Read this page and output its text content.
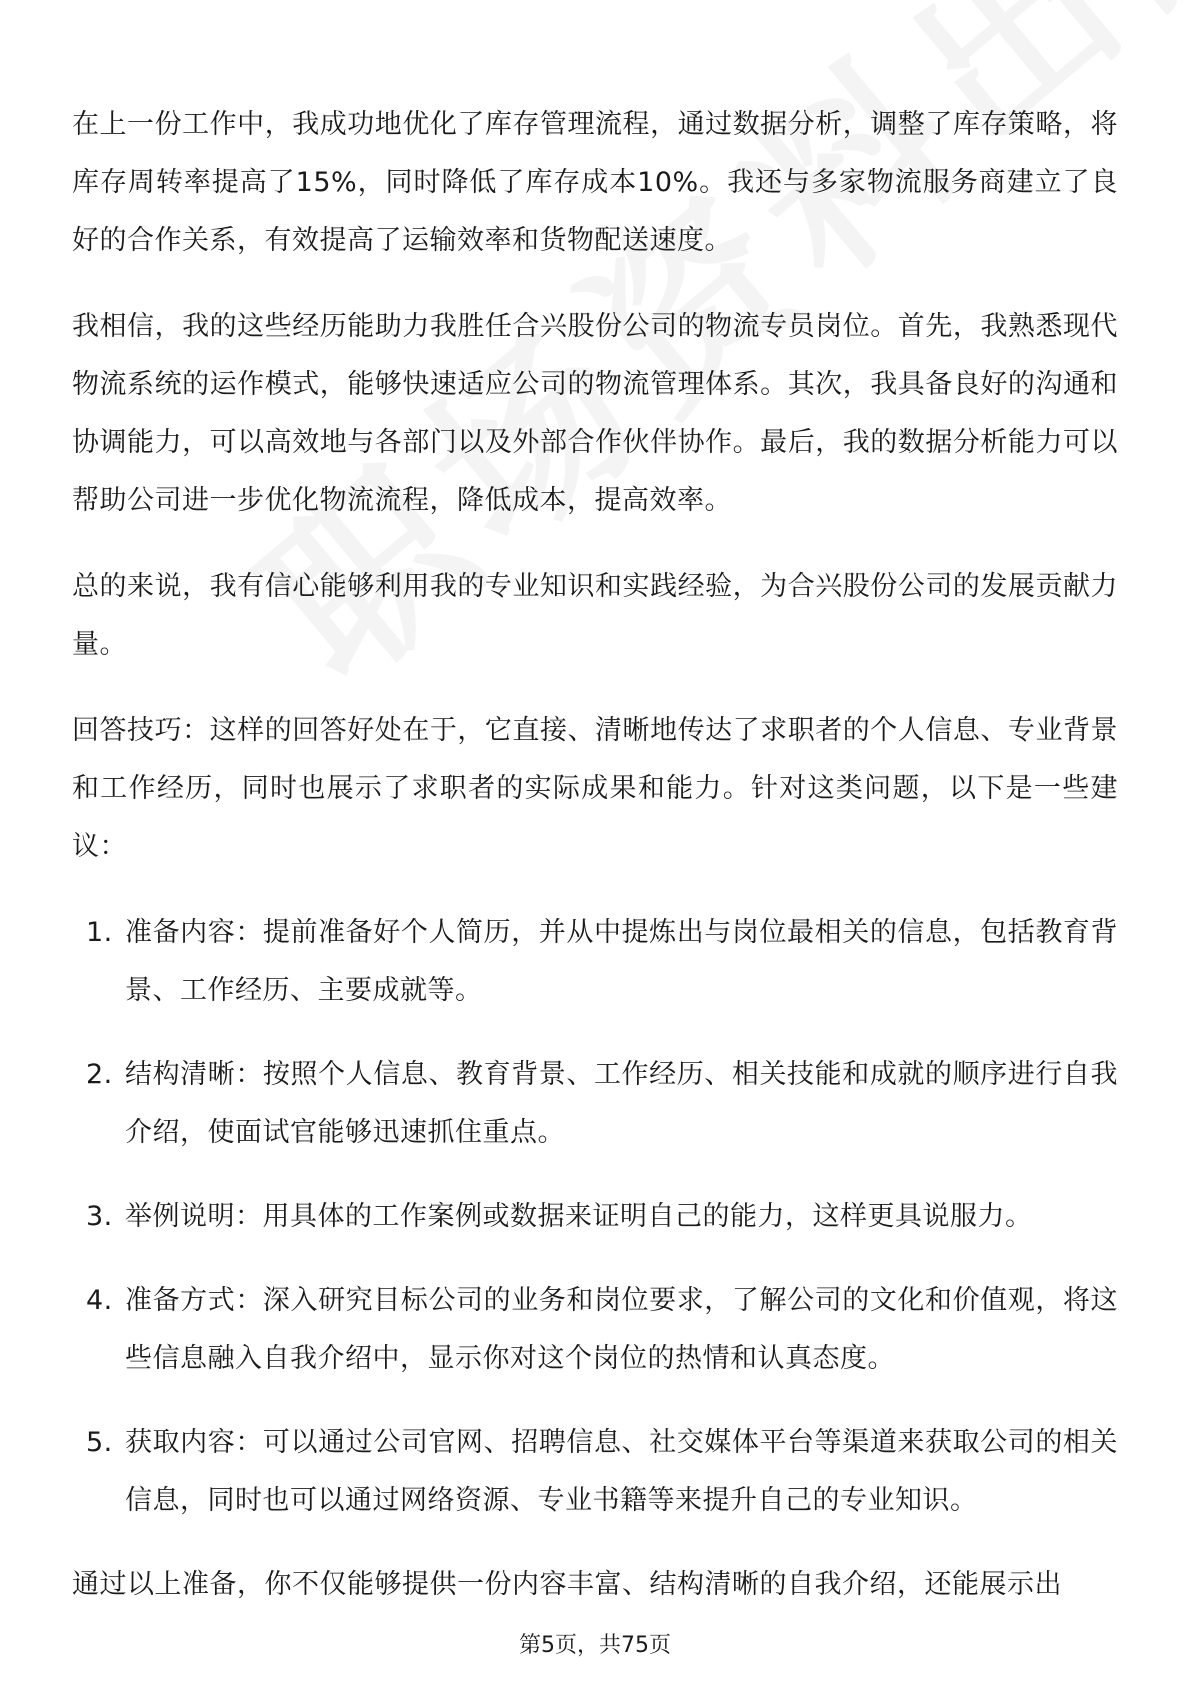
在上一份工作中，我成功地优化了库存管理流程，通过数据分析，调整了库存策略，将库存周转率提高了15%，同时降低了库存成本10%。我还与多家物流服务商建立了良好的合作关系，有效提高了运输效率和货物配送速度。

我相信，我的这些经历能助力我胜任合兴股份公司的物流专员岗位。首先，我熟悉现代物流系统的运作模式，能够快速适应公司的物流管理体系。其次，我具备良好的沟通和协调能力，可以高效地与各部门以及外部合作伙伴协作。最后，我的数据分析能力可以帮助公司进一步优化物流流程，降低成本，提高效率。

总的来说，我有信心能够利用我的专业知识和实践经验，为合兴股份公司的发展贡献力量。

回答技巧：这样的回答好处在于，它直接、清晰地传达了求职者的个人信息、专业背景和工作经历，同时也展示了求职者的实际成果和能力。针对这类问题，以下是一些建议：

1. 准备内容：提前准备好个人简历，并从中提炼出与岗位最相关的信息，包括教育背景、工作经历、主要成就等。
2. 结构清晰：按照个人信息、教育背景、工作经历、相关技能和成就的顺序进行自我介绍，使面试官能够迅速抓住重点。
3. 举例说明：用具体的工作案例或数据来证明自己的能力，这样更具说服力。
4. 准备方式：深入研究目标公司的业务和岗位要求，了解公司的文化和价值观，将这些信息融入自我介绍中，显示你对这个岗位的热情和认真态度。
5. 获取内容：可以通过公司官网、招聘信息、社交媒体平台等渠道来获取公司的相关信息，同时也可以通过网络资源、专业书籍等来提升自己的专业知识。

通过以上准备，你不仅能够提供一份内容丰富、结构清晰的自我介绍，还能展示出

第5页，共75页
